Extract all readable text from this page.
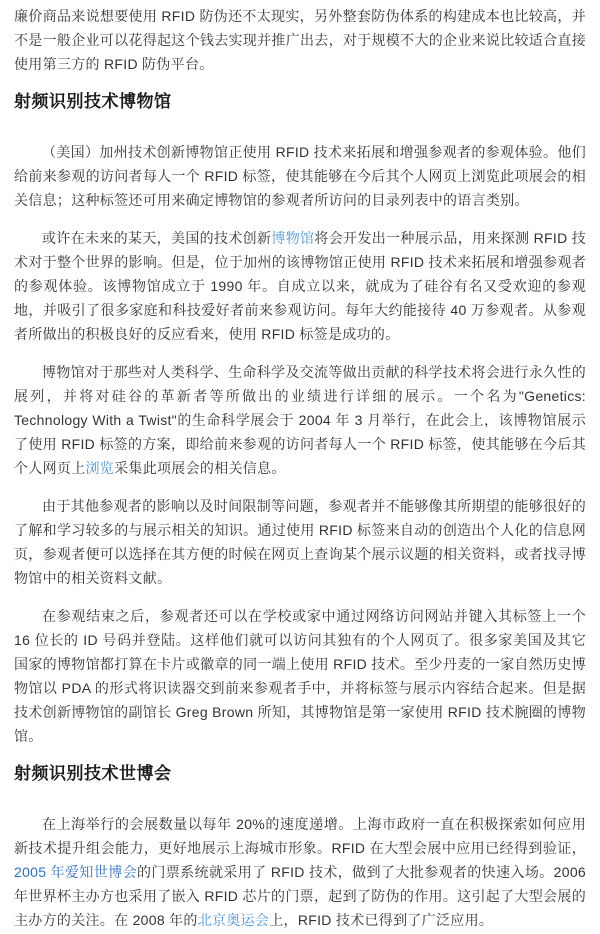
廉价商品来说想要使用 RFID 防伪还不太现实，另外整套防伪体系的构建成本也比较高，并不是一般企业可以花得起这个钱去实现并推广出去，对于规模不大的企业来说比较适合直接使用第三方的 RFID 防伪平台。

射频识别技术博物馆

（美国）加州技术创新博物馆正使用 RFID 技术来拓展和增强参观者的参观体验。他们给前来参观的访问者每人一个 RFID 标签，使其能够在今后其个人网页上浏览此项展会的相关信息；这种标签还可用来确定博物馆的参观者所访问的目录列表中的语言类别。

或许在未来的某天，美国的技术创新博物馆将会开发出一种展示品，用来探测 RFID 技术对于整个世界的影响。但是，位于加州的该博物馆正使用 RFID 技术来拓展和增强参观者的参观体验。该博物馆成立于 1990 年。自成立以来，就成为了硅谷有名又受欢迎的参观地，并吸引了很多家庭和科技爱好者前来参观访问。每年大约能接待 40 万参观者。从参观者所做出的积极良好的反应看来，使用 RFID 标签是成功的。

博物馆对于那些对人类科学、生命科学及交流等做出贡献的科学技术将会进行永久性的展列，并将对硅谷的革新者等所做出的业绩进行详细的展示。一个名为"Genetics: Technology With a Twist"的生命科学展会于 2004 年 3 月举行，在此会上，该博物馆展示了使用 RFID 标签的方案，即给前来参观的访问者每人一个 RFID 标签，使其能够在今后其个人网页上浏览采集此项展会的相关信息。

由于其他参观者的影响以及时间限制等问题，参观者并不能够像其所期望的能够很好的了解和学习较多的与展示相关的知识。通过使用 RFID 标签来自动的创造出个人化的信息网页，参观者便可以选择在其方便的时候在网页上查询某个展示议题的相关资料，或者找寻博物馆中的相关资料文献。

在参观结束之后，参观者还可以在学校或家中通过网络访问网站并键入其标签上一个 16 位长的 ID 号码并登陆。这样他们就可以访问其独有的个人网页了。很多家美国及其它国家的博物馆都打算在卡片或徽章的同一端上使用 RFID 技术。至少丹麦的一家自然历史博物馆以 PDA 的形式将识读器交到前来参观者手中，并将标签与展示内容结合起来。但是据技术创新博物馆的副馆长 Greg Brown 所知，其博物馆是第一家使用 RFID 技术腕圈的博物馆。

射频识别技术世博会

在上海举行的会展数量以每年 20%的速度递增。上海市政府一直在积极探索如何应用新技术提升组会能力，更好地展示上海城市形象。RFID 在大型会展中应用已经得到验证，2005 年爱知世博会的门票系统就采用了 RFID 技术，做到了大批参观者的快速入场。2006 年世界杯主办方也采用了嵌入 RFID 芯片的门票，起到了防伪的作用。这引起了大型会展的主办方的关注。在 2008 年的北京奥运会上，RFID 技术已得到了广泛应用。
